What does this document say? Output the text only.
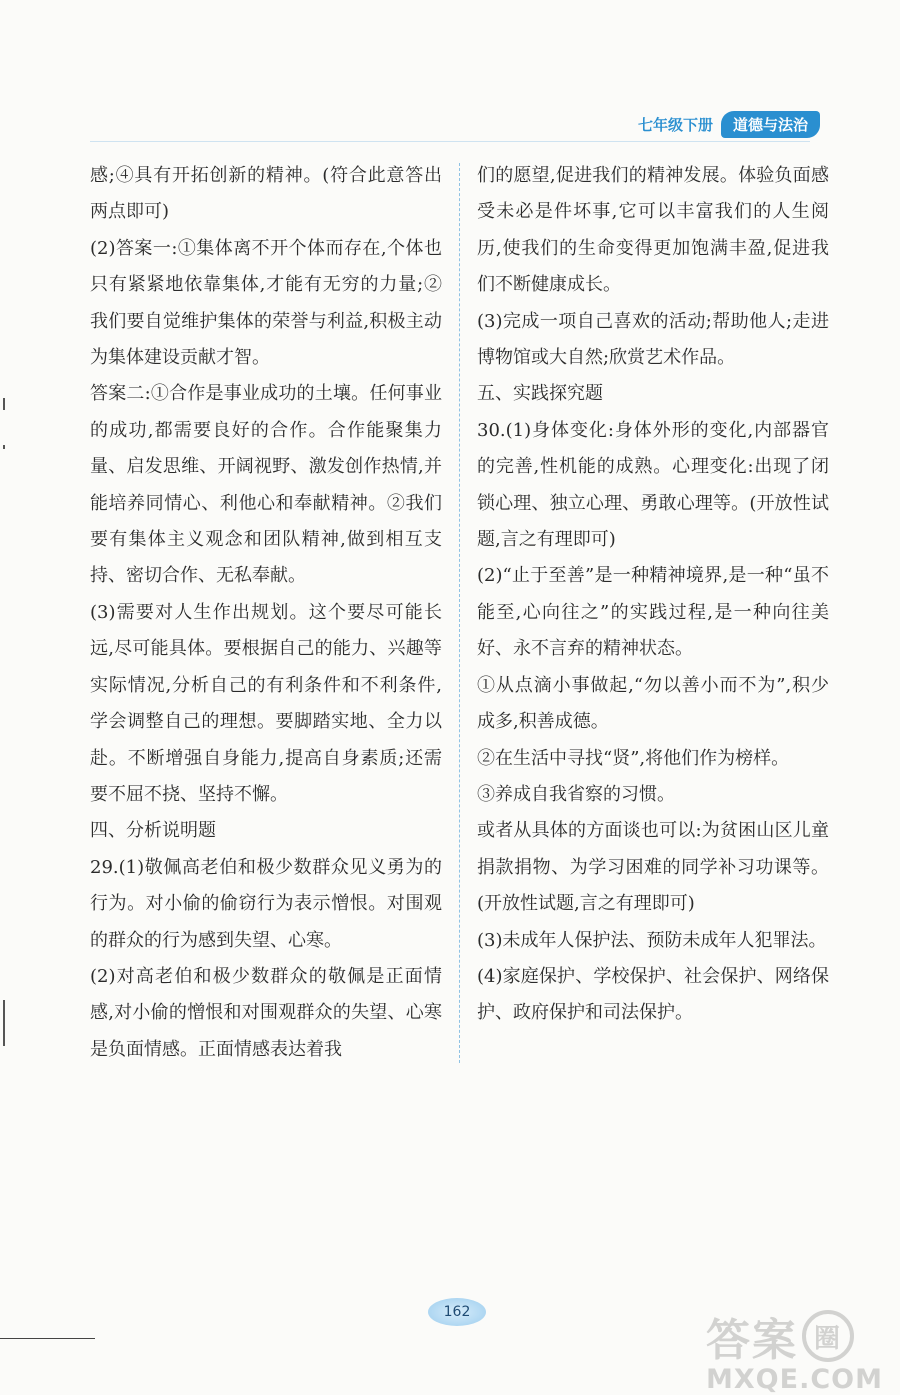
七年级下册	道德与法治

感;④具有开拓创新的精神。(符合此意答出两点即可)

(2)答案一:①集体离不开个体而存在,个体也只有紧紧地依靠集体,才能有无穷的力量;②我们要自觉维护集体的荣誉与利益,积极主动为集体建设贡献才智。

答案二:①合作是事业成功的土壤。任何事业的成功,都需要良好的合作。合作能聚集力量、启发思维、开阔视野、激发创作热情,并能培养同情心、利他心和奉献精神。②我们要有集体主义观念和团队精神,做到相互支持、密切合作、无私奉献。

(3)需要对人生作出规划。这个要尽可能长远,尽可能具体。要根据自己的能力、兴趣等实际情况,分析自己的有利条件和不利条件,学会调整自己的理想。要脚踏实地、全力以赴。不断增强自身能力,提高自身素质;还需要不屈不挠、坚持不懈。

四、分析说明题

29.(1)敬佩高老伯和极少数群众见义勇为的行为。对小偷的偷窃行为表示憎恨。对围观的群众的行为感到失望、心寒。

(2)对高老伯和极少数群众的敬佩是正面情感,对小偷的憎恨和对围观群众的失望、心寒是负面情感。正面情感表达着我

们的愿望,促进我们的精神发展。体验负面感受未必是件坏事,它可以丰富我们的人生阅历,使我们的生命变得更加饱满丰盈,促进我们不断健康成长。

(3)完成一项自己喜欢的活动;帮助他人;走进博物馆或大自然;欣赏艺术作品。

五、实践探究题

30.(1)身体变化:身体外形的变化,内部器官的完善,性机能的成熟。心理变化:出现了闭锁心理、独立心理、勇敢心理等。(开放性试题,言之有理即可)

(2)“止于至善”是一种精神境界,是一种“虽不能至,心向往之”的实践过程,是一种向往美好、永不言弃的精神状态。

①从点滴小事做起,“勿以善小而不为”,积少成多,积善成德。

②在生活中寻找“贤”,将他们作为榜样。

③养成自我省察的习惯。

或者从具体的方面谈也可以:为贫困山区儿童捐款捐物、为学习困难的同学补习功课等。(开放性试题,言之有理即可)

(3)未成年人保护法、预防未成年人犯罪法。

(4)家庭保护、学校保护、社会保护、网络保护、政府保护和司法保护。

162
答案 圈
MXQE.COM
